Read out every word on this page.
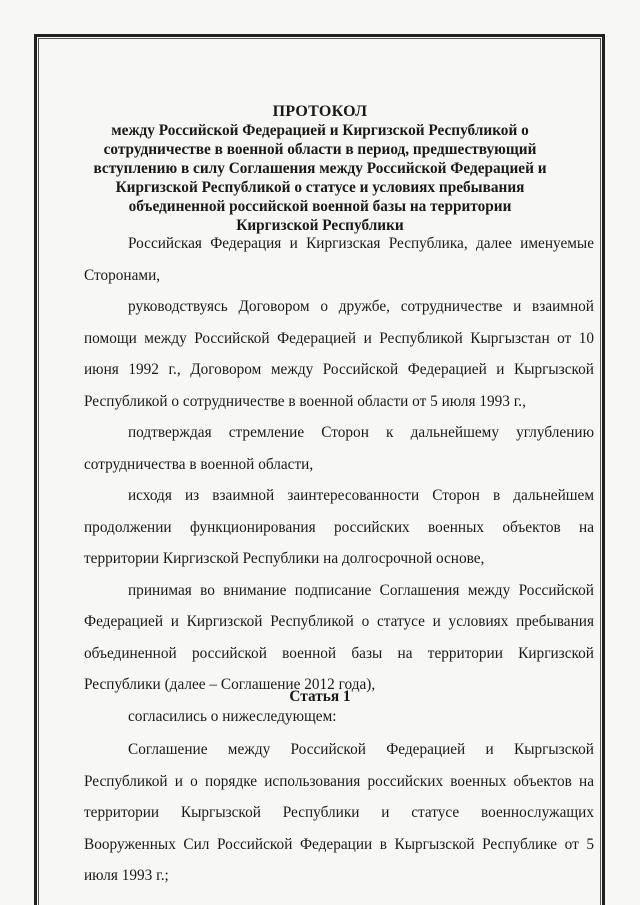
ПРОТОКОЛ
между Российской Федерацией и Киргизской Республикой о
сотрудничестве в военной области в период, предшествующий
вступлению в силу Соглашения между Российской Федерацией и
Киргизской Республикой о статусе и условиях пребывания
объединенной российской военной базы на территории
Киргизской Республики

Российская Федерация и Киргизская Республика, далее именуемые Сторонами,

руководствуясь Договором о дружбе, сотрудничестве и взаимной помощи между Российской Федерацией и Республикой Кыргызстан от 10 июня 1992 г., Договором между Российской Федерацией и Кыргызской Республикой о сотрудничестве в военной области от 5 июля 1993 г.,

подтверждая стремление Сторон к дальнейшему углублению сотрудничества в военной области,

исходя из взаимной заинтересованности Сторон в дальнейшем продолжении функционирования российских военных объектов на территории Киргизской Республики на долгосрочной основе,

принимая во внимание подписание Соглашения между Российской Федерацией и Киргизской Республикой о статусе и условиях пребывания объединенной российской военной базы на территории Киргизской Республики (далее – Соглашение 2012 года),

согласились о нижеследующем:

Статья 1

Соглашение между Российской Федерацией и Кыргызской Республикой и о порядке использования российских военных объектов на территории Кыргызской Республики и статусе военнослужащих Вооруженных Сил Российской Федерации в Кыргызской Республике от 5 июля 1993 г.;
